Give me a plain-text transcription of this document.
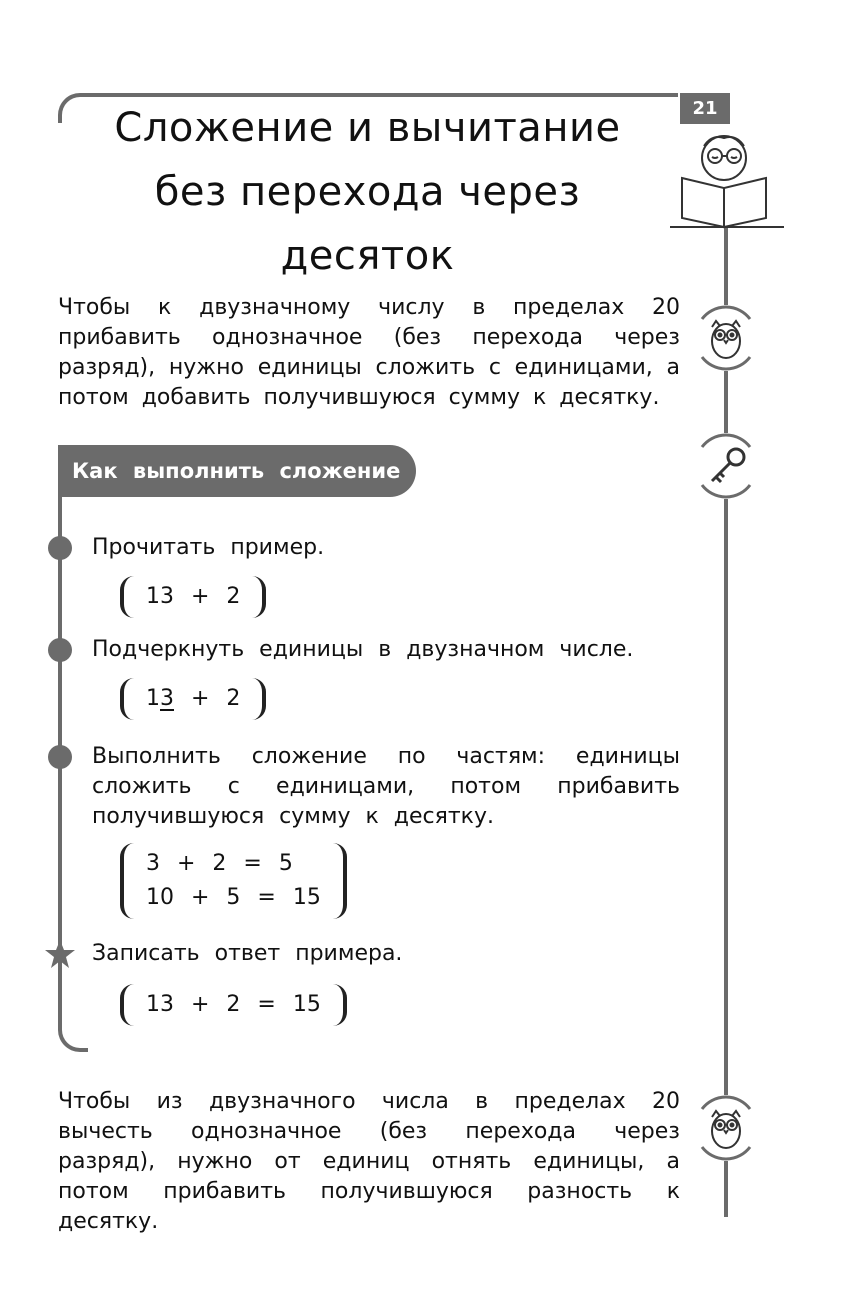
21
Сложение и вычитание
без перехода через
десяток
Чтобы к двузначному числу в пределах 20 прибавить однозначное (без перехода через разряд), нужно единицы сложить с единицами, а потом добавить получившуюся сумму к десятку.
Как выполнить сложение
Прочитать пример.
13 + 2
Подчеркнуть единицы в двузначном числе.
13 + 2
Выполнить сложение по частям: единицы сложить с единицами, потом прибавить получившуюся сумму к десятку.
3 + 2 = 5
10 + 5 = 15
Записать ответ примера.
13 + 2 = 15
Чтобы из двузначного числа в пределах 20 вычесть однозначное (без перехода через разряд), нужно от единиц отнять единицы, а потом прибавить получившуюся разность к десятку.
